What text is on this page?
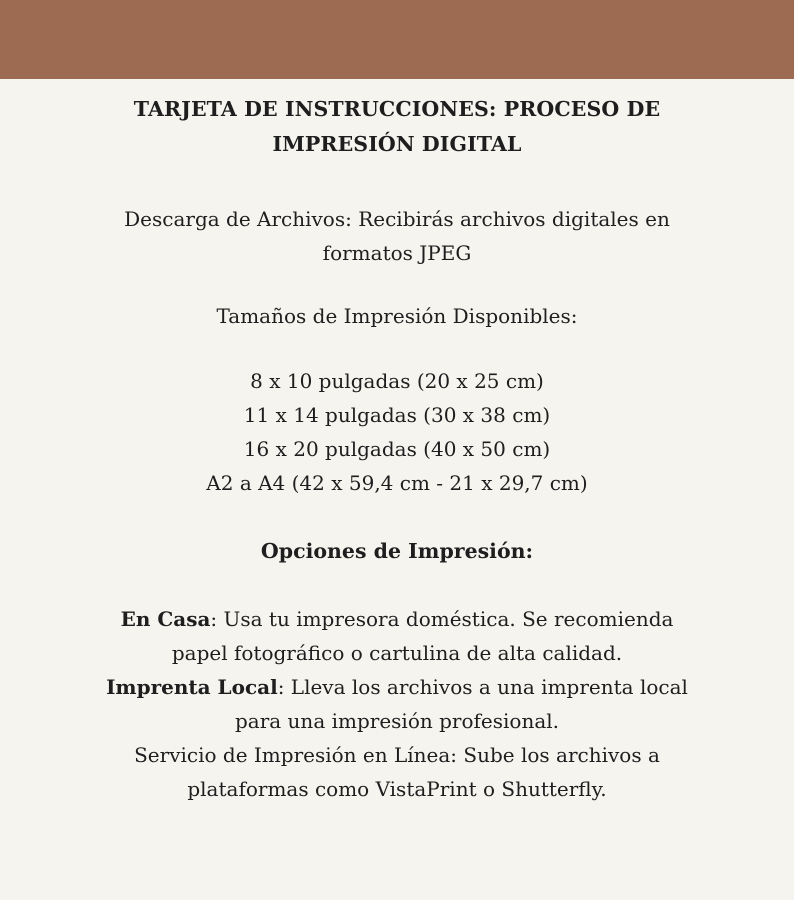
TARJETA DE INSTRUCCIONES: PROCESO DE
IMPRESIÓN DIGITAL
Descarga de Archivos: Recibirás archivos digitales en
formatos JPEG
Tamaños de Impresión Disponibles:
8 x 10 pulgadas (20 x 25 cm)
11 x 14 pulgadas (30 x 38 cm)
16 x 20 pulgadas (40 x 50 cm)
A2 a A4 (42 x 59,4 cm - 21 x 29,7 cm)
Opciones de Impresión:
En Casa: Usa tu impresora doméstica. Se recomienda
papel fotográfico o cartulina de alta calidad.
Imprenta Local: Lleva los archivos a una imprenta local
para una impresión profesional.
Servicio de Impresión en Línea: Sube los archivos a
plataformas como VistaPrint o Shutterfly.
